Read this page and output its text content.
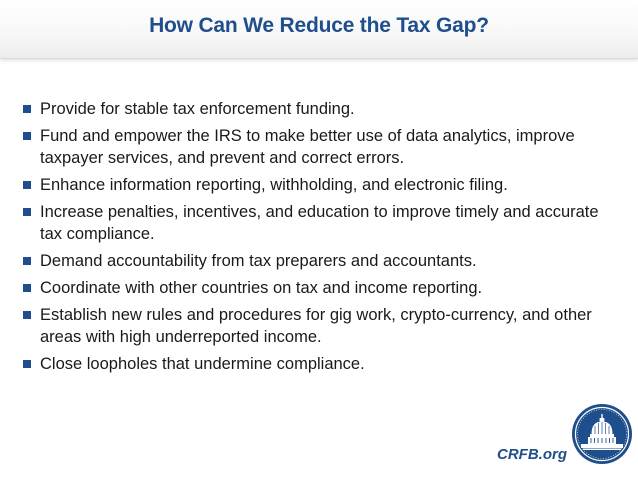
How Can We Reduce the Tax Gap?
Provide for stable tax enforcement funding.
Fund and empower the IRS to make better use of data analytics, improve taxpayer services, and prevent and correct errors.
Enhance information reporting, withholding, and electronic filing.
Increase penalties, incentives, and education to improve timely and accurate tax compliance.
Demand accountability from tax preparers and accountants.
Coordinate with other countries on tax and income reporting.
Establish new rules and procedures for gig work, crypto-currency, and other areas with high underreported income.
Close loopholes that undermine compliance.
CRFB.org
